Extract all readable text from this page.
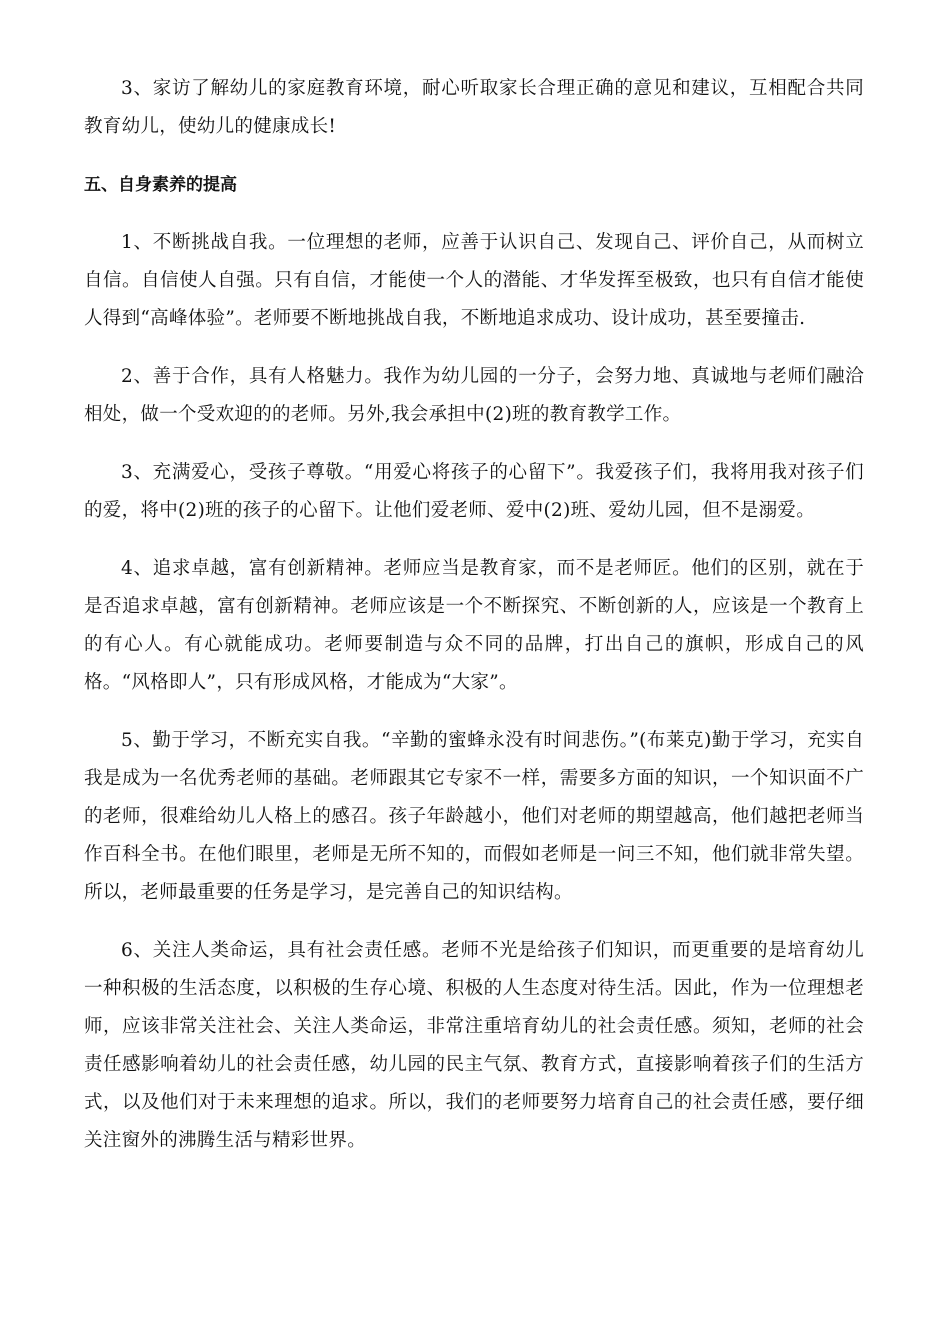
3、家访了解幼儿的家庭教育环境，耐心听取家长合理正确的意见和建议，互相配合共同教育幼儿，使幼儿的健康成长!

五、自身素养的提高

1、不断挑战自我。一位理想的老师，应善于认识自己、发现自己、评价自己，从而树立自信。自信使人自强。只有自信，才能使一个人的潜能、才华发挥至极致，也只有自信才能使人得到“高峰体验”。老师要不断地挑战自我，不断地追求成功、设计成功，甚至要撞击.

2、善于合作，具有人格魅力。我作为幼儿园的一分子，会努力地、真诚地与老师们融洽相处，做一个受欢迎的的老师。另外,我会承担中(2)班的教育教学工作。

3、充满爱心，受孩子尊敬。“用爱心将孩子的心留下”。我爱孩子们，我将用我对孩子们的爱，将中(2)班的孩子的心留下。让他们爱老师、爱中(2)班、爱幼儿园，但不是溺爱。

4、追求卓越，富有创新精神。老师应当是教育家，而不是老师匠。他们的区别，就在于是否追求卓越，富有创新精神。老师应该是一个不断探究、不断创新的人，应该是一个教育上的有心人。有心就能成功。老师要制造与众不同的品牌，打出自己的旗帜，形成自己的风格。“风格即人”，只有形成风格，才能成为“大家”。

5、勤于学习，不断充实自我。“辛勤的蜜蜂永没有时间悲伤。”(布莱克)勤于学习，充实自我是成为一名优秀老师的基础。老师跟其它专家不一样，需要多方面的知识，一个知识面不广的老师，很难给幼儿人格上的感召。孩子年龄越小，他们对老师的期望越高，他们越把老师当作百科全书。在他们眼里，老师是无所不知的，而假如老师是一问三不知，他们就非常失望。所以，老师最重要的任务是学习，是完善自己的知识结构。

6、关注人类命运，具有社会责任感。老师不光是给孩子们知识，而更重要的是培育幼儿一种积极的生活态度，以积极的生存心境、积极的人生态度对待生活。因此，作为一位理想老师，应该非常关注社会、关注人类命运，非常注重培育幼儿的社会责任感。须知，老师的社会责任感影响着幼儿的社会责任感，幼儿园的民主气氛、教育方式，直接影响着孩子们的生活方式，以及他们对于未来理想的追求。所以，我们的老师要努力培育自己的社会责任感，要仔细关注窗外的沸腾生活与精彩世界。
